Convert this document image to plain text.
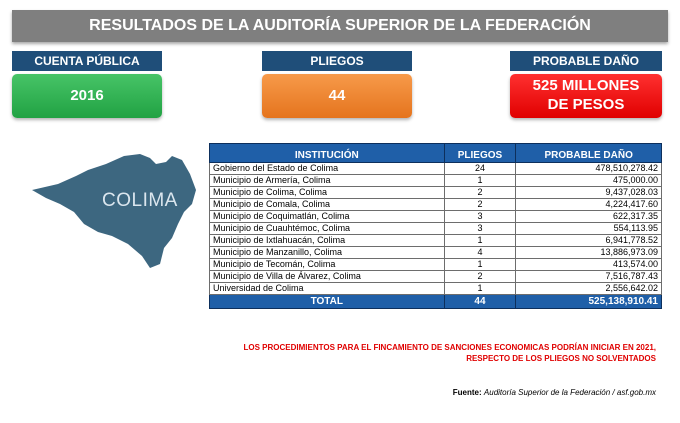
RESULTADOS DE LA AUDITORÍA SUPERIOR DE LA FEDERACIÓN
CUENTA PÚBLICA
2016
PLIEGOS
44
PROBABLE DAÑO
525 MILLONES DE PESOS
COLIMA
INSTITUCIÓN	PLIEGOS	PROBABLE DAÑO
Gobierno del Estado de Colima	24	478,510,278.42
Municipio de Armería, Colima	1	475,000.00
Municipio de Colima, Colima	2	9,437,028.03
Municipio de Comala, Colima	2	4,224,417.60
Municipio de Coquimatlán, Colima	3	622,317.35
Municipio de Cuauhtémoc, Colima	3	554,113.95
Municipio de Ixtlahuacán, Colima	1	6,941,778.52
Municipio de Manzanillo, Colima	4	13,886,973.09
Municipio de Tecomán, Colima	1	413,574.00
Municipio de Villa de Álvarez, Colima	2	7,516,787.43
Universidad de Colima	1	2,556,642.02
TOTAL	44	525,138,910.41
LOS PROCEDIMIENTOS PARA EL FINCAMIENTO DE SANCIONES ECONOMICAS PODRÍAN INICIAR EN 2021,
RESPECTO DE LOS PLIEGOS NO SOLVENTADOS
Fuente: Auditoría Superior de la Federación / asf.gob.mx
